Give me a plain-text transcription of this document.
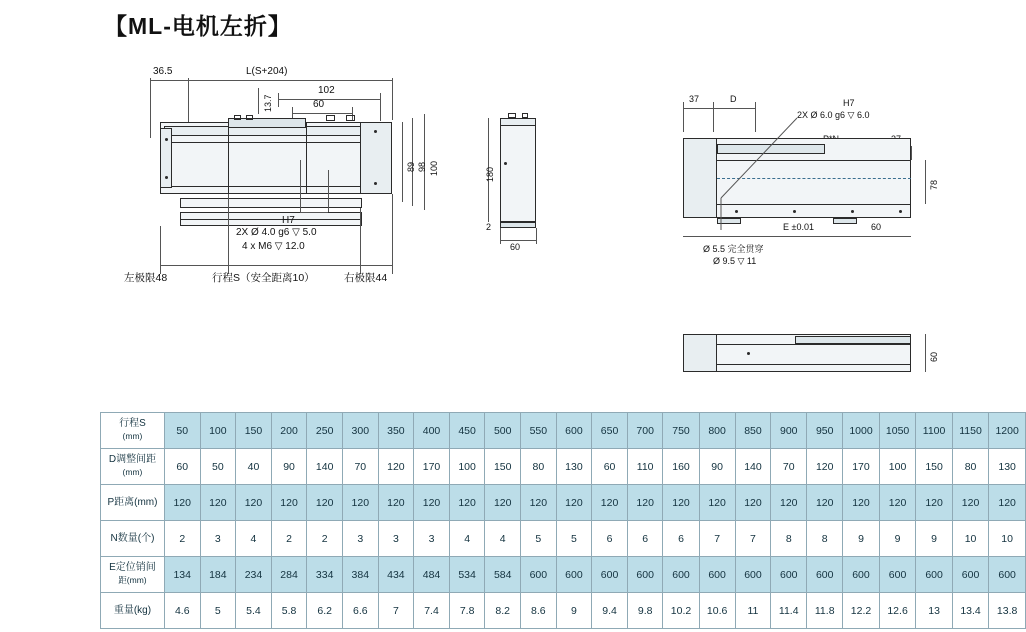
【ML-电机左折】
36.5	L(S+204)
13.7
102
60
89 98 100
H7
2X Ø 4.0 g6 ▽ 5.0
4 x M6 ▽ 12.0
左极限48	行程S（安全距离10）	右极限44
180
2
60
37	D	H7
2X Ø 6.0 g6 ▽ 6.0
78
E ±0.01	60
Ø 5.5 完全贯穿
Ø 9.5 ▽ 11
60
行程S
(mm)	50	100	150	200	250	300	350	400	450	500	550	600	650	700	750	800	850	900	950	1000	1050	1100	1150	1200
D调整间距
(mm)	60	50	40	90	140	70	120	170	100	150	80	130	60	110	160	90	140	70	120	170	100	150	80	130
P距离(mm)	120	120	120	120	120	120	120	120	120	120	120	120	120	120	120	120	120	120	120	120	120	120	120	120
N数量(个)	2	3	4	2	2	3	3	3	4	4	5	5	6	6	6	7	7	8	8	9	9	9	10	10
E定位销间
距(mm)	134	184	234	284	334	384	434	484	534	584	600	600	600	600	600	600	600	600	600	600	600	600	600	600
重量(kg)	4.6	5	5.4	5.8	6.2	6.6	7	7.4	7.8	8.2	8.6	9	9.4	9.8	10.2	10.6	11	11.4	11.8	12.2	12.6	13	13.4	13.8
